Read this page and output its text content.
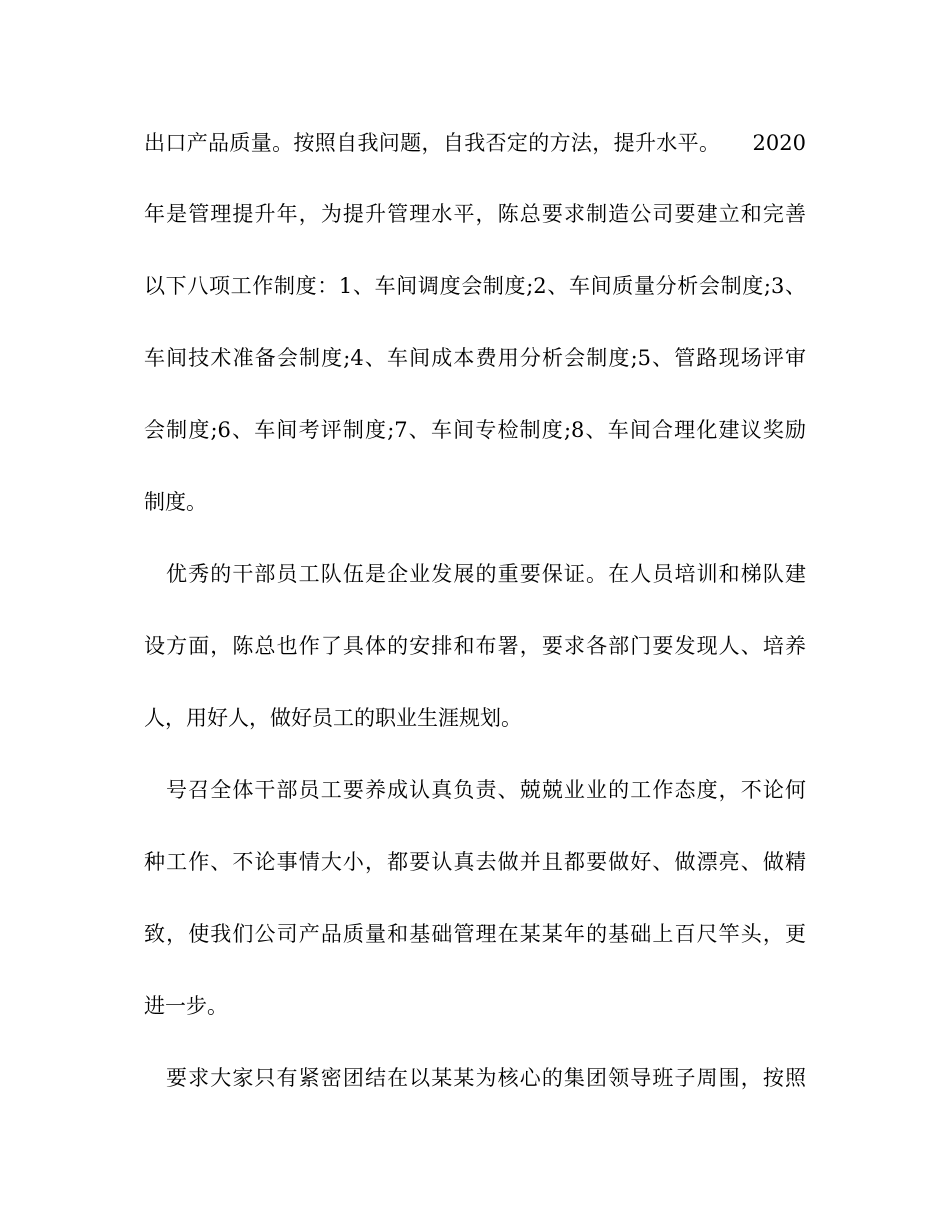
出口产品质量。按照自我问题，自我否定的方法，提升水平。　　2020
年是管理提升年，为提升管理水平，陈总要求制造公司要建立和完善
以下八项工作制度：1、车间调度会制度;2、车间质量分析会制度;3、
车间技术准备会制度;4、车间成本费用分析会制度;5、管路现场评审
会制度;6、车间考评制度;7、车间专检制度;8、车间合理化建议奖励
制度。
优秀的干部员工队伍是企业发展的重要保证。在人员培训和梯队建
设方面，陈总也作了具体的安排和布署，要求各部门要发现人、培养
人，用好人，做好员工的职业生涯规划。
号召全体干部员工要养成认真负责、兢兢业业的工作态度，不论何
种工作、不论事情大小，都要认真去做并且都要做好、做漂亮、做精
致，使我们公司产品质量和基础管理在某某年的基础上百尺竿头，更
进一步。
要求大家只有紧密团结在以某某为核心的集团领导班子周围，按照
